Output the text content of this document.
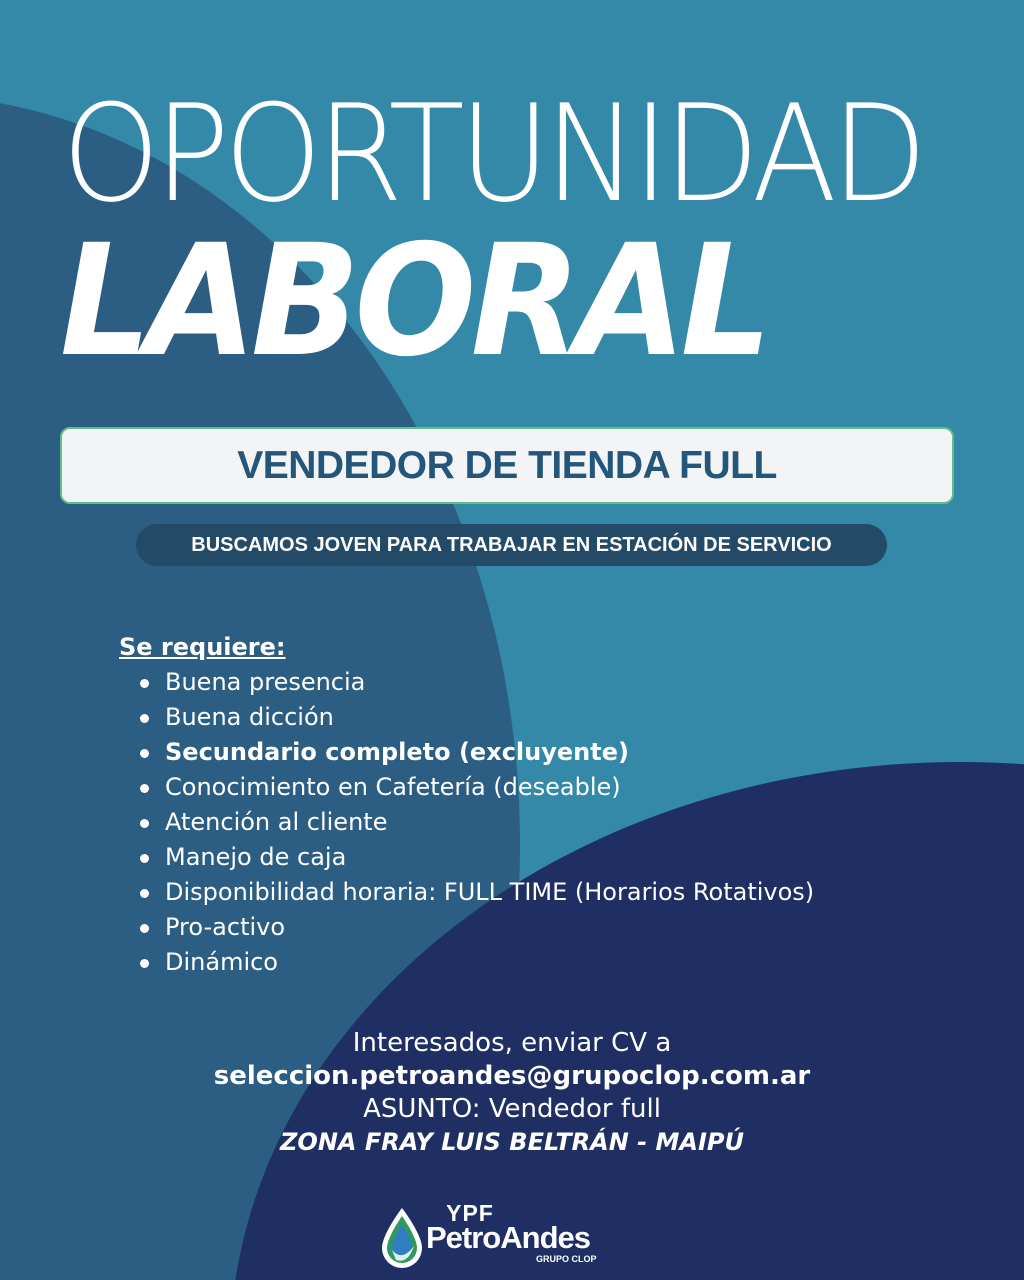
OPORTUNIDAD
LABORAL
VENDEDOR DE TIENDA FULL
BUSCAMOS JOVEN PARA TRABAJAR EN ESTACIÓN DE SERVICIO

Se requiere:

Buena presencia
Buena dicción
Secundario completo (excluyente)
Conocimiento en Cafetería (deseable)
Atención al cliente
Manejo de caja
Disponibilidad horaria: FULL TIME (Horarios Rotativos)
Pro-activo
Dinámico
Interesados, enviar CV a
seleccion.petroandes@grupoclop.com.ar
ASUNTO: Vendedor full
ZONA FRAY LUIS BELTRÁN - MAIPÚ
YPF
PetroAndes
GRUPO CLOP
